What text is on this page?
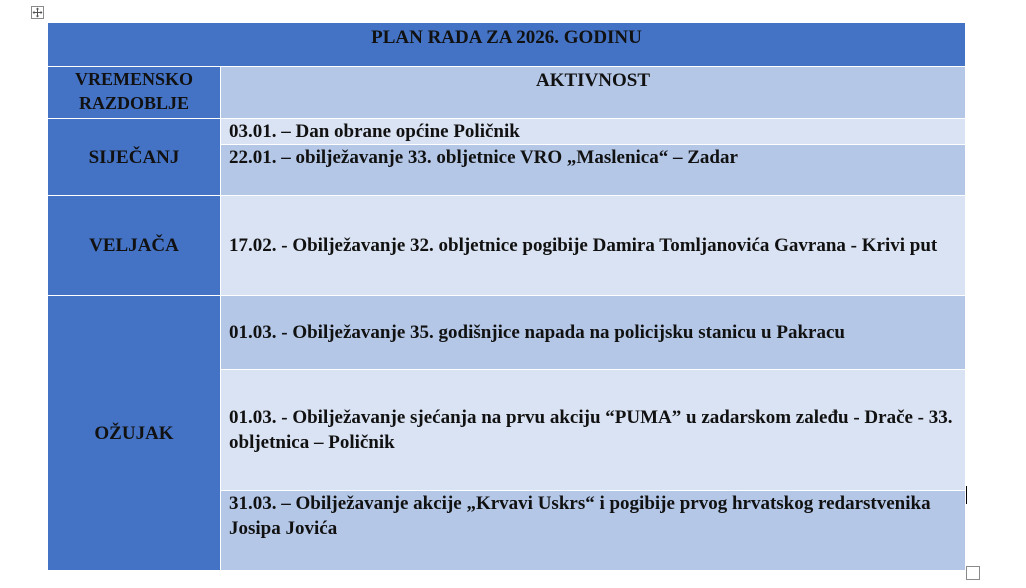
PLAN RADA ZA 2026. GODINU	

VREMENSKO RAZDOBLJE	AKTIVNOST

SIJEČANJ	03.01. – Dan obrane općine Poličnik

	22.01. – obilježavanje 33. obljetnice VRO „Maslenica“ – Zadar

VELJAČA	17.02. - Obilježavanje 32. obljetnice pogibije Damira Tomljanovića Gavrana - Krivi put

OŽUJAK	01.03. - Obilježavanje 35. godišnjice napada na policijsku stanicu u Pakracu

	01.03. - Obilježavanje sjećanja na prvu akciju “PUMA” u zadarskom zaleđu - Drače - 33. obljetnica – Poličnik

	31.03. – Obilježavanje akcije „Krvavi Uskrs“ i pogibije prvog hrvatskog redarstvenika Josipa Jovića
